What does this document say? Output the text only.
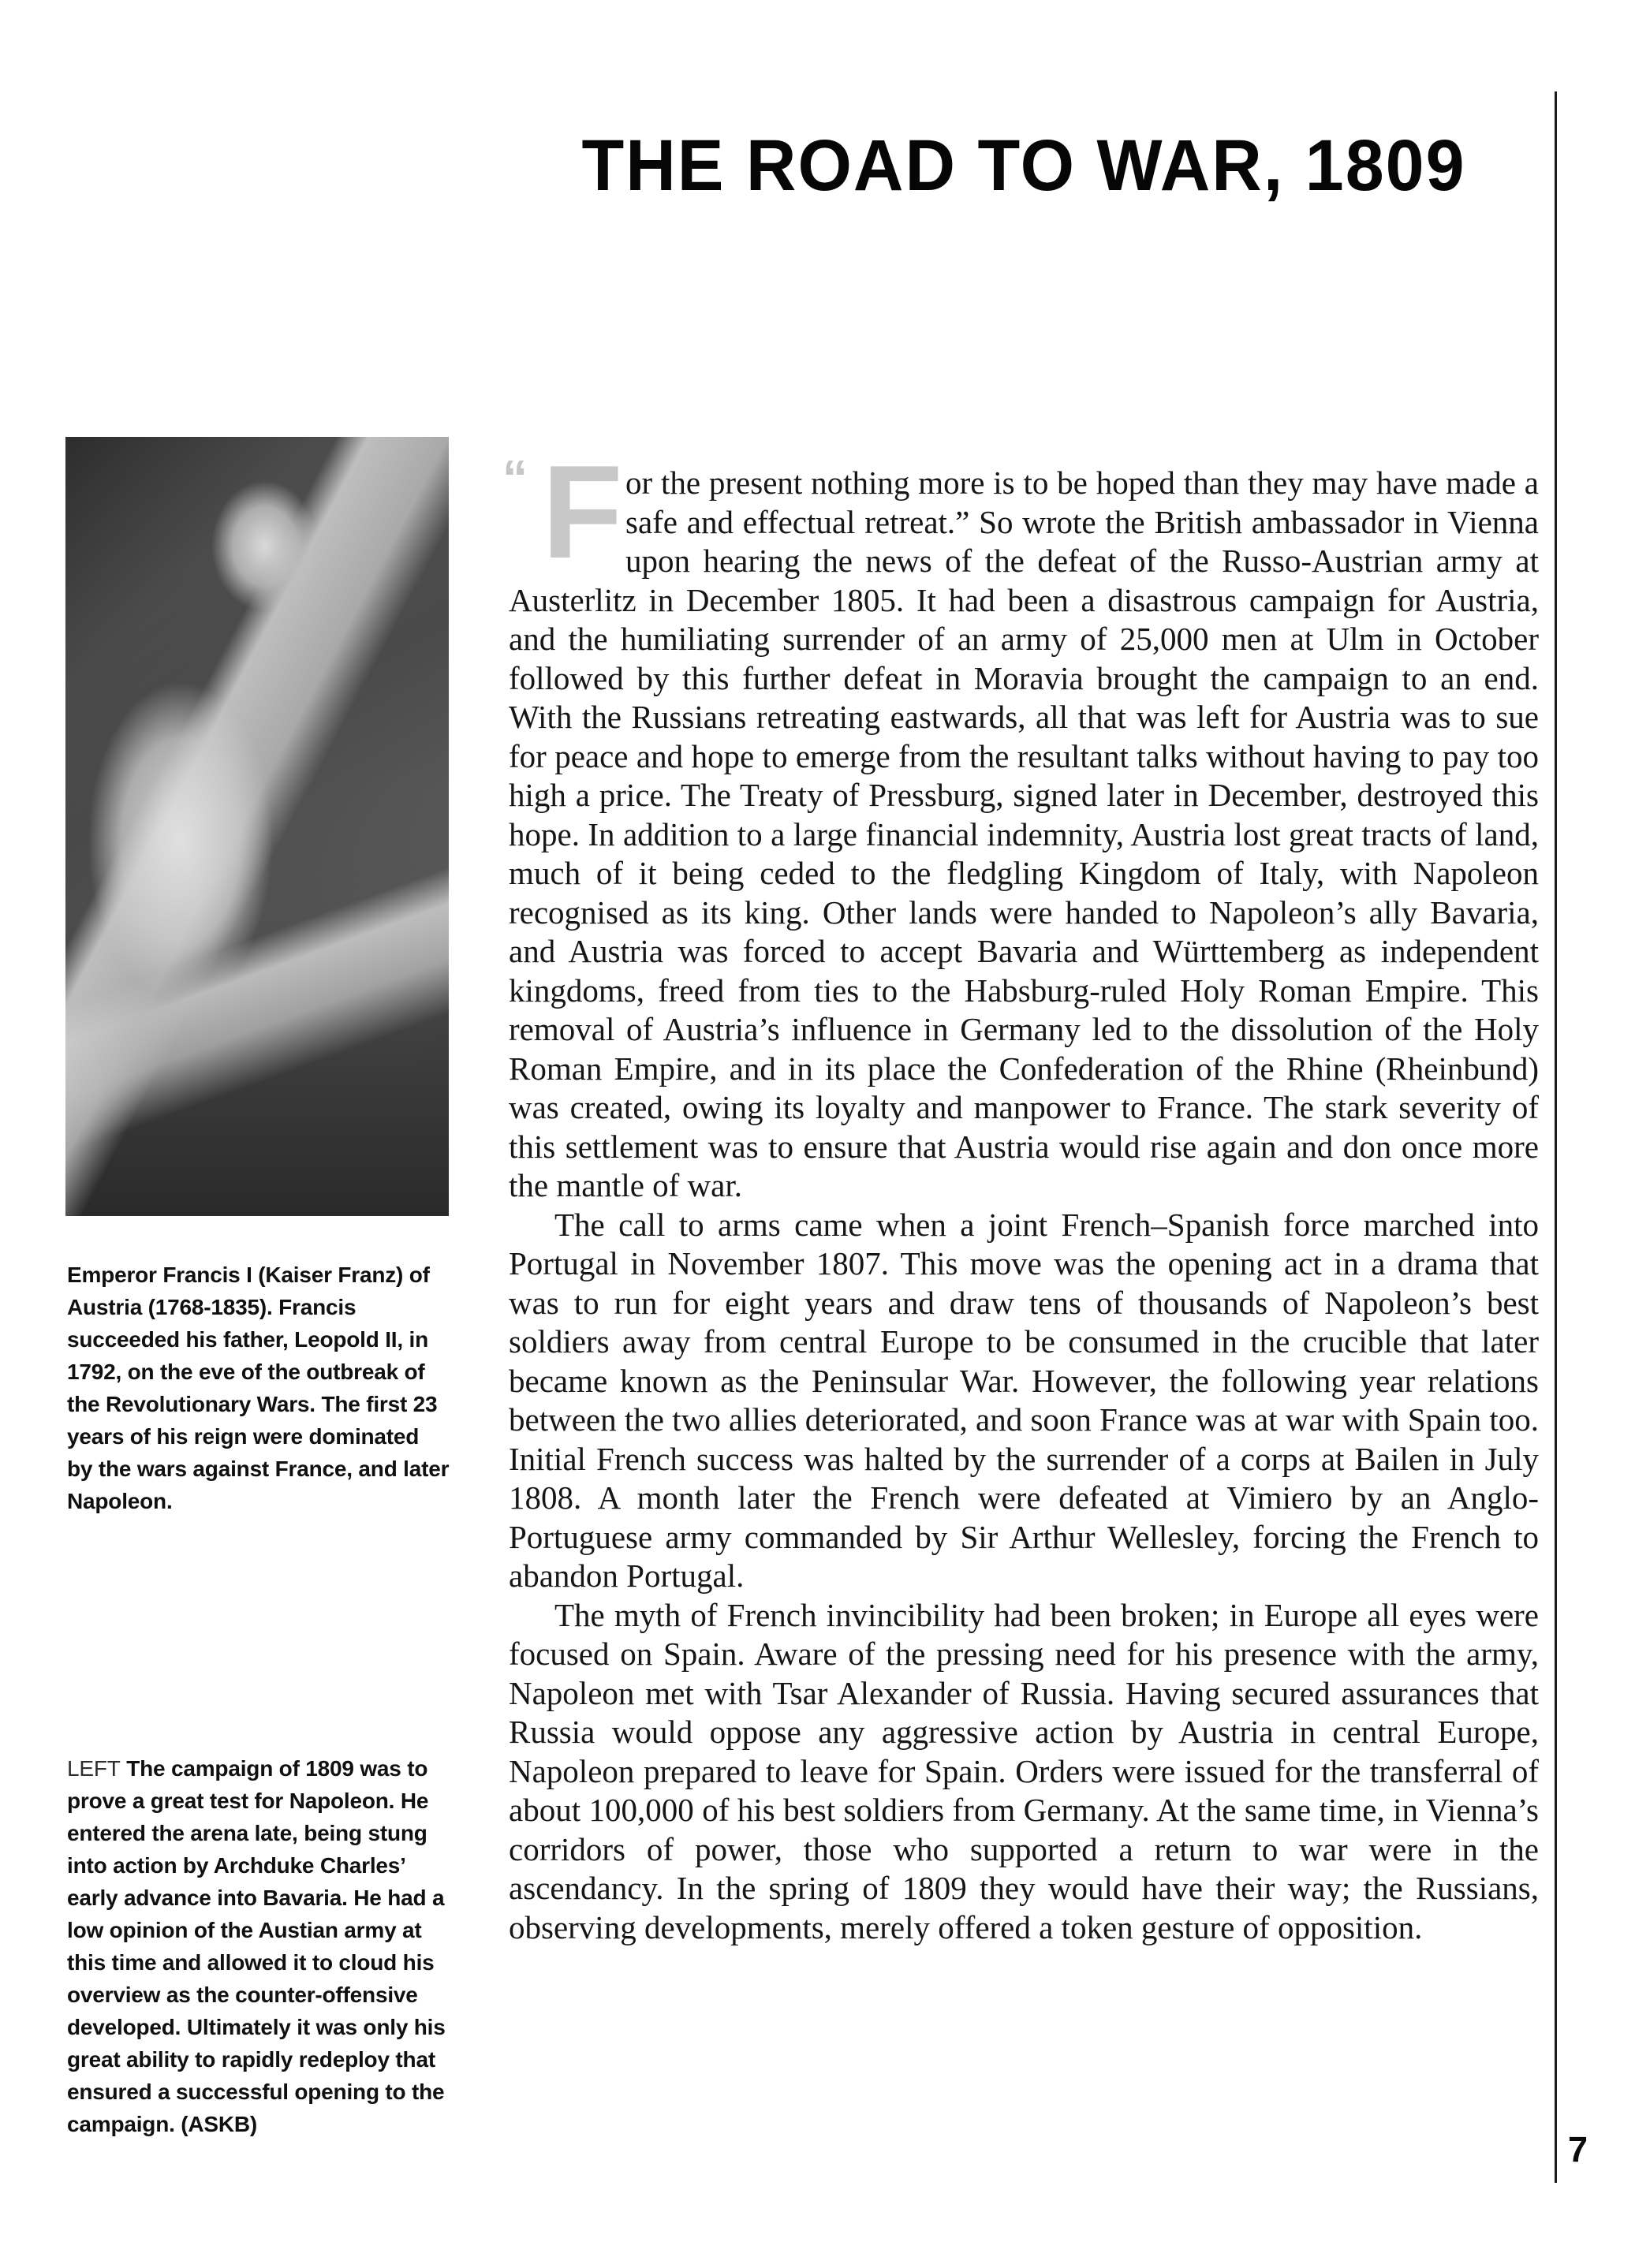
THE ROAD TO WAR, 1809
Emperor Francis I (Kaiser Franz) of Austria (1768-1835). Francis succeeded his father, Leopold II, in 1792, on the eve of the outbreak of the Revolutionary Wars. The first 23 years of his reign were dominated by the wars against France, and later Napoleon.
LEFT The campaign of 1809 was to prove a great test for Napoleon. He entered the arena late, being stung into action by Archduke Charles’ early advance into Bavaria. He had a low opinion of the Austian army at this time and allowed it to cloud his overview as the counter-offensive developed. Ultimately it was only his great ability to rapidly redeploy that ensured a successful opening to the campaign. (ASKB)

“ F or the present nothing more is to be hoped than they may have made a safe and effectual retreat.” So wrote the British ambassador in Vienna upon hearing the news of the defeat of the Russo-Austrian army at Austerlitz in December 1805. It had been a disastrous campaign for Austria, and the humiliating surrender of an army of 25,000 men at Ulm in October followed by this further defeat in Moravia brought the campaign to an end. With the Russians retreating eastwards, all that was left for Austria was to sue for peace and hope to emerge from the resultant talks without having to pay too high a price. The Treaty of Pressburg, signed later in December, destroyed this hope. In addition to a large financial indemnity, Austria lost great tracts of land, much of it being ceded to the fledgling Kingdom of Italy, with Napoleon recognised as its king. Other lands were handed to Napoleon’s ally Bavaria, and Austria was forced to accept Bavaria and Württemberg as independent kingdoms, freed from ties to the Habsburg-ruled Holy Roman Empire. This removal of Austria’s influence in Germany led to the dissolution of the Holy Roman Empire, and in its place the Confederation of the Rhine (Rheinbund) was created, owing its loyalty and manpower to France. The stark severity of this settlement was to ensure that Austria would rise again and don once more the mantle of war.

The call to arms came when a joint French–Spanish force marched into Portugal in November 1807. This move was the opening act in a drama that was to run for eight years and draw tens of thousands of Napoleon’s best soldiers away from central Europe to be consumed in the crucible that later became known as the Peninsular War. However, the following year relations between the two allies deteriorated, and soon France was at war with Spain too. Initial French success was halted by the surrender of a corps at Bailen in July 1808. A month later the French were defeated at Vimiero by an Anglo-Portuguese army commanded by Sir Arthur Wellesley, forcing the French to abandon Portugal.

The myth of French invincibility had been broken; in Europe all eyes were focused on Spain. Aware of the pressing need for his presence with the army, Napoleon met with Tsar Alexander of Russia. Having secured assurances that Russia would oppose any aggressive action by Austria in central Europe, Napoleon prepared to leave for Spain. Orders were issued for the transferral of about 100,000 of his best soldiers from Germany. At the same time, in Vienna’s corridors of power, those who supported a return to war were in the ascendancy. In the spring of 1809 they would have their way; the Russians, observing developments, merely offered a token gesture of opposition.

7
